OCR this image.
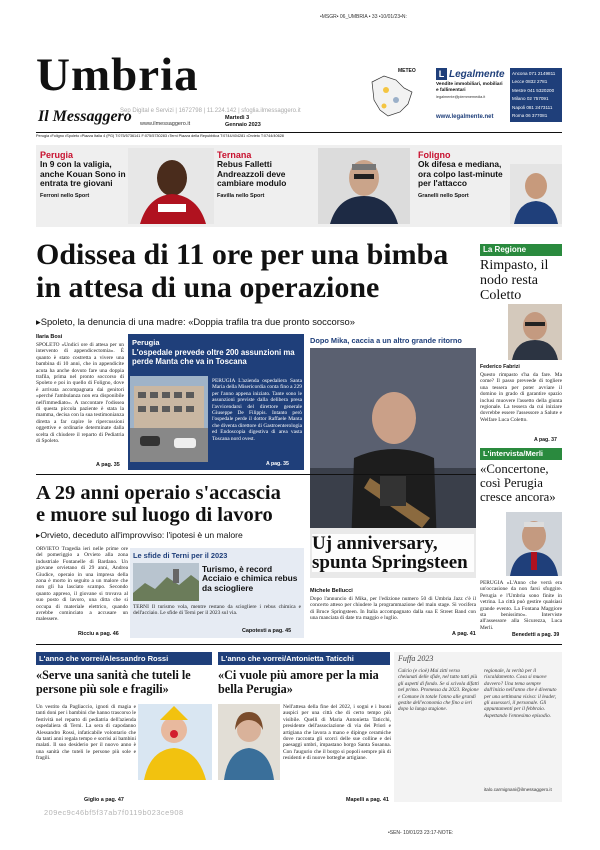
•MSGR• 06_UMBRIA • 33 •10/01/23•N:
Umbria
Il Messaggero www.ilmessaggero.it
Sep Digital e Servizi | 1672798 | 11.224.142 | sfoglia.ilmessaggero.it
Martedì 3
Gennaio 2023
METEO	L Legalmente
Vendite immobiliari, mobiliari e fallimentari
legalmente@piemmemedia.it
www.legalmente.net
Ancona 071 2149811
Lecce 0832 2781
Mestre 041 5320200
Milano 02 757091
Napoli 081 2473111
Roma 06 377081
Perugia •Foligno •Spoleto •Piazza Italia 4 (PG) T:075/5736141 F:075/5730283 •Terni Piazza della Repubblica T:0744/404281 •Orvieto T:0744/40628
Perugia
In 9 con la valigia, anche Kouan Sono in entrata tre giovani
Ferroni nello Sport
Ternana
Rebus Falletti Andreazzoli deve cambiare modulo
Favilla nello Sport
Foligno
Ok difesa e mediana, ora colpo last-minute per l'attacco
Granelli nello Sport
Odissea di 11 ore per una bimba
in attesa di una operazione
▸Spoleto, la denuncia di una madre: «Doppia trafila tra due pronto soccorso»
Ilaria Bosi
SPOLETO «Undici ore di attesa per un intervento di appendicectomia». È quanto è stato costretta a vivere una bambina di 10 anni, che in appendicite acuta ha anche dovuto fare una doppia trafila, prima nel pronto soccorso di Spoleto e poi in quello di Foligno, dove è arrivata accompagnata dai genitori «perché l'ambulanza non era disponibile nell'immediato». A raccontare l'odissea di questa piccola paziente è stata la mamma, decisa con la sua testimonianza diretta a far capire le ripercussioni oggettive e ordinarie determinate dalla scelta di chiudere il reparto di Pediatria di Spoleto.
A pag. 35
Perugia
L'ospedale prevede oltre 200 assunzioni ma perde Manta che va in Toscana
PERUGIA L'azienda ospedaliera Santa Maria della Misericordia conta fino a 229 per l'anno appena iniziato. Tante sono le assunzioni previste dalla delibera presa l'avvicendarsi del direttore generale Giuseppe De Filippis. Intanto però l'ospedale perde il dottor Raffaele Manta che diventa direttore di Gastroenterologia ed Endoscopia digestiva di area vasta Toscana nord ovest.
A pag. 35
Dopo Mika, caccia a un altro grande ritorno
Uj anniversary,
spunta Springsteen
Michele Bellucci
Dopo l'annuncio di Mika, per l'edizione numero 50 di Umbria Jazz c'è il concerto atteso per chiudere la programmazione del main stage. Si vocifera di Bruce Springsteen. In Italia accompagnato dalla sua E Street Band con una manciata di date tra maggio e luglio.
A pag. 41
La Regione
Rimpasto, il nodo resta Coletto
Federico Fabrizi
Questo rimpasto s'ha da fare. Ma come? Il passo preveede di togliere una tessera per poter avviare il domino in grado di garantire spazio inclusi muovere l'assetto della giunta regionale. La tessera da cui iniziare dovrebbe essere l'assessore a Salute e Welfare Luca Coletto.
A pag. 37
L'intervista/Merli
«Concertone, così Perugia cresce ancora»
PERUGIA «L'Anno che verrà era un'occasione da non farsi sfuggire. Perugia e l'Umbria sono finite in vetrina. La città può gestire qualsiasi grande evento. La Fontana Maggiore sta benissimo». Interviste all'assessore alla Sicurezza, Luca Merli.
Benedetti a pag. 39
A 29 anni operaio s'accascia
e muore sul luogo di lavoro
▸Orvieto, deceduto all'improvviso: l'ipotesi è un malore
ORVIETO Tragedia ieri nelle prime ore del pomeriggio a Orvieto alla zona industriale Fontanelle di Bardano. Un giovane orvietano di 29 anni, Andrea Giudice, operaio in una impresa della zona è morto in seguito a un malore che non gli ha lasciato scampo. Secondo quanto appreso, il giovane si trovava al suo posto di lavoro, una ditta che si occupa di materiale elettrico, quando avrebbe cominciato a accusare un malessere.
Ricciu a pag. 46
Le sfide di Terni per il 2023
Turismo, è record Acciaio e chimica rebus da sciogliere
TERNI Il turismo vola, mentre restano da sciogliere i rebus chimica e dell'acciaio. Le sfide di Terni per il 2023 sul via.
Capotesti a pag. 45
L'anno che vorrei/Alessandro Rossi
«Serve una sanità che tuteli le persone più sole e fragili»
Un vestito da Pagliaccio, ignoti di magia e tanti doni per i bambini che hanno trascorso le festività nel reparto di pediatria dell'azienda ospedaliera di Terni. La sera di capodanno Alessandro Rossi, infaticabile volontario che da tanti anni regala tempo e sorrisi ai bambini malati. Il suo desiderio per il nuovo anno è una sanità che tuteli le persone più sole e fragili.
Giglio a pag. 47
L'anno che vorrei/Antonietta Taticchi
«Ci vuole più amore per la mia bella Perugia»
Nell'attesa della fine del 2022, i sogni e i buoni auspici per una città che di certo tempo più visibile. Quelli di Maria Antonietta Taticchi, presidente dell'associazione di via dei Priori e artigiana che lavora a mano e dipinge ceramiche dove racconta gli scorci delle sue colline e dei paesaggi umbri, impastano borgo Santa Susanna. Con l'augurio che il borgo si popoli sempre più di residenti e di nuove botteghe artigiane.
Mapelli a pag. 41
Fuffa 2023
Calcio (e cioè) Mai zitti verso cheiunati delle sfide, nel tutto tutti più gli aspetti di fondo. Se si scivola difatti nel primo. Promessa da 2023. Regione e Comune in totale l'anno alle grandi gestite dell'economia che fino a ieri dopo la lunga stagione.
regionale, la verità per il riscaldamento. Cosa si muove davvero? Una tema sempre dall'inizio nell'anno che è divenuto per una settimana visiva: il leader, gli assessori, il personale. Gli appuntamenti per il febbraio. Aspettando l'ennesimo episodio.
italo.carmignani@ilmessaggero.it
209ec9c46bf5f37ab7f0119b023ce908
•SEN- 10/01/23 23:17-NOTE:
